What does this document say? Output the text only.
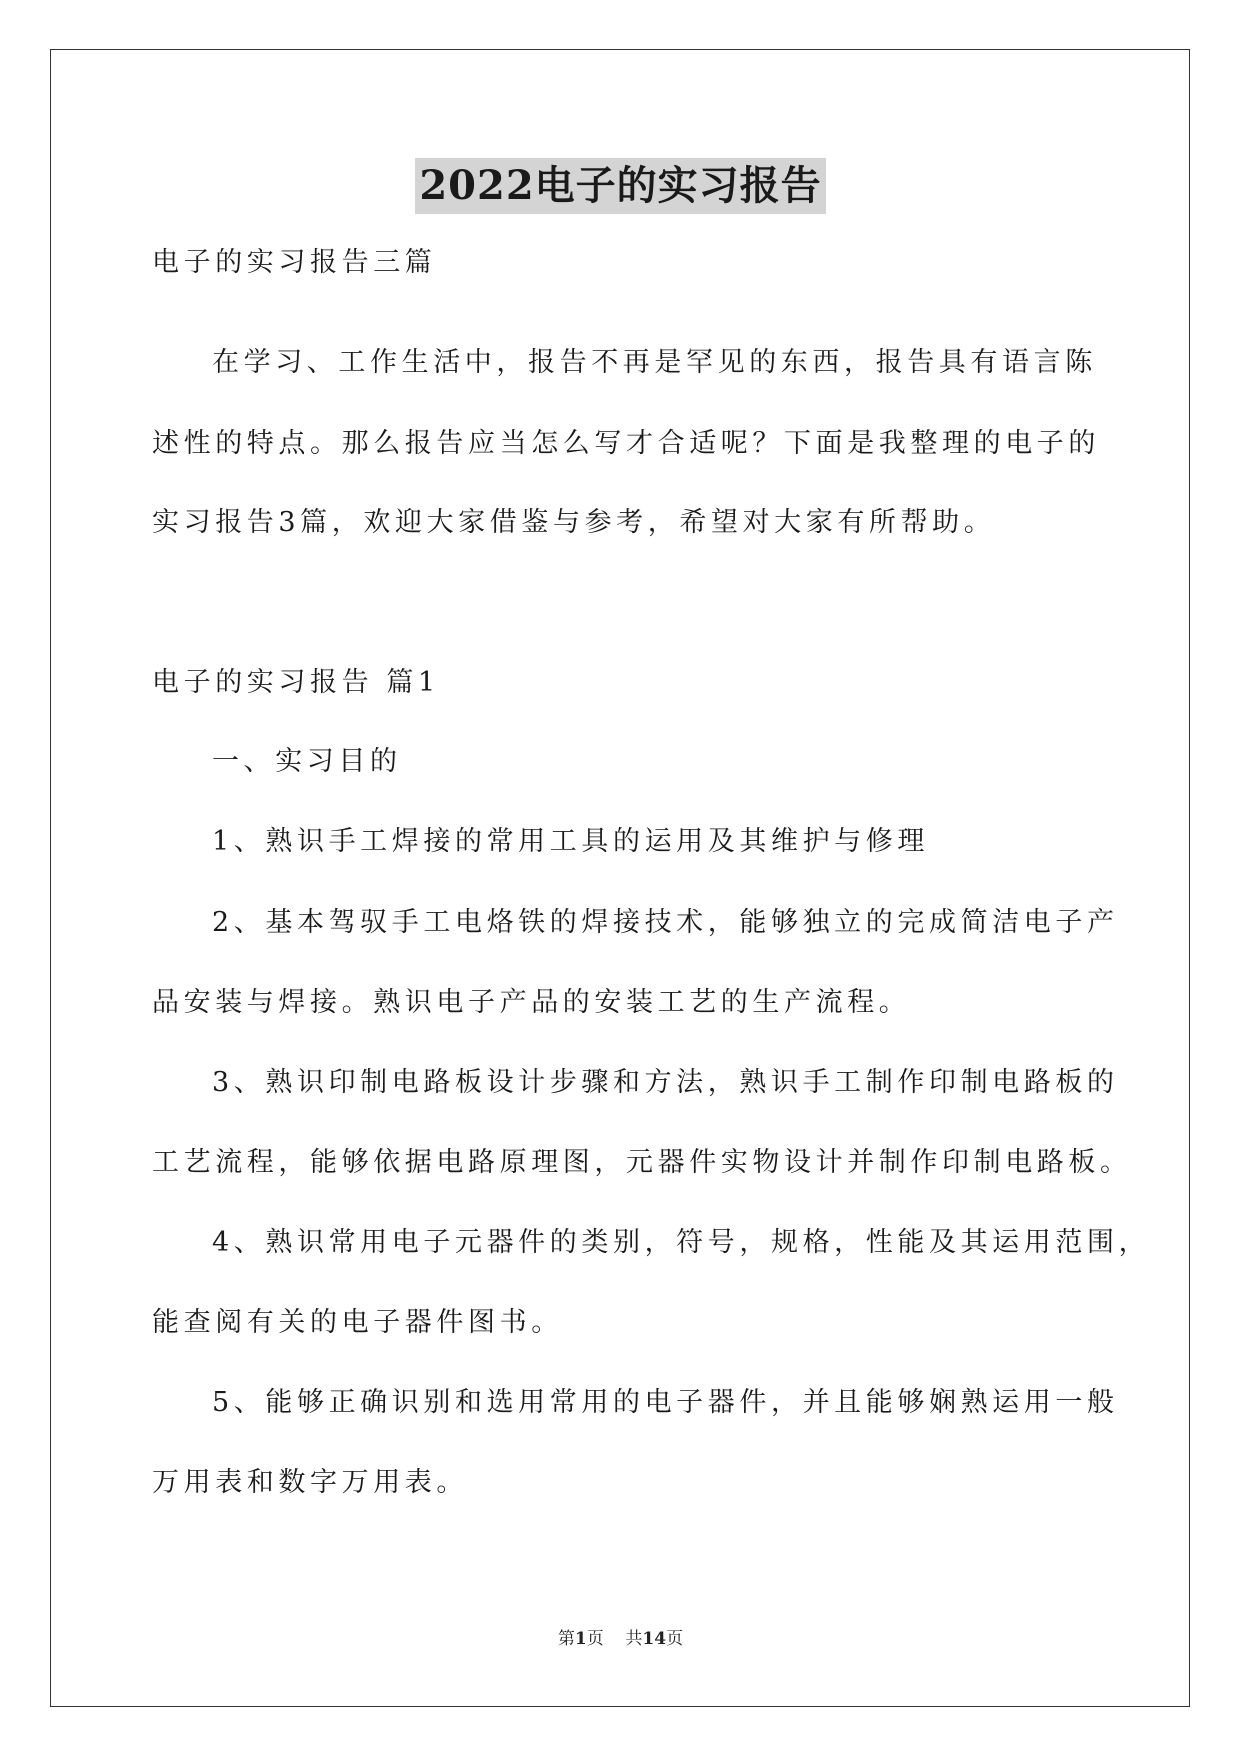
2022电子的实习报告
电子的实习报告三篇
在学习、工作生活中，报告不再是罕见的东西，报告具有语言陈
述性的特点。那么报告应当怎么写才合适呢？下面是我整理的电子的
实习报告3篇，欢迎大家借鉴与参考，希望对大家有所帮助。
电子的实习报告 篇1
一、实习目的
1、熟识手工焊接的常用工具的运用及其维护与修理
2、基本驾驭手工电烙铁的焊接技术，能够独立的完成简洁电子产
品安装与焊接。熟识电子产品的安装工艺的生产流程。
3、熟识印制电路板设计步骤和方法，熟识手工制作印制电路板的
工艺流程，能够依据电路原理图，元器件实物设计并制作印制电路板。
4、熟识常用电子元器件的类别，符号，规格，性能及其运用范围，
能查阅有关的电子器件图书。
5、能够正确识别和选用常用的电子器件，并且能够娴熟运用一般
万用表和数字万用表。
第1页 共14页
